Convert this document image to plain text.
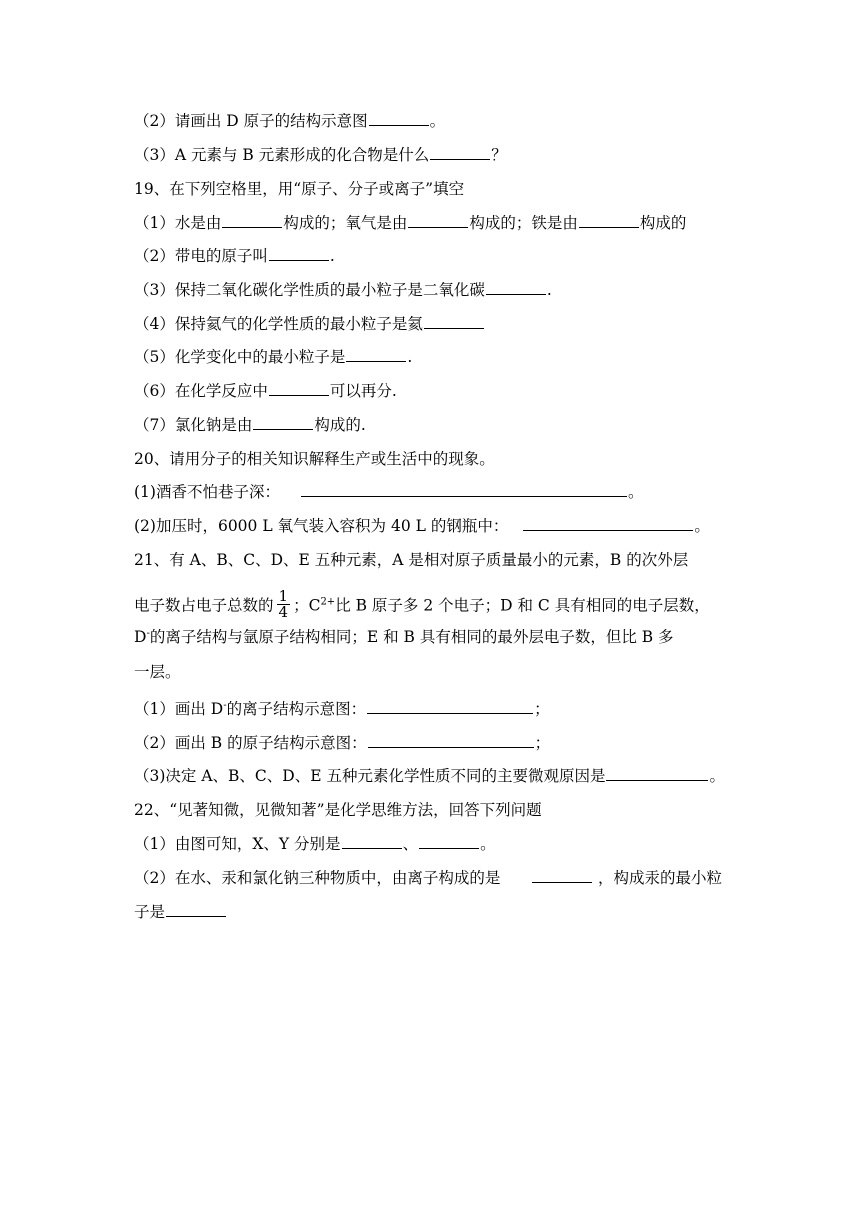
（2）请画出 D 原子的结构示意图	。
（3）A 元素与 B 元素形成的化合物是什么	？
19、在下列空格里，用“原子、分子或离子”填空
（1）水是由	构成的；氧气是由	构成的；铁是由	构成的
（2）带电的原子叫	.
（3）保持二氧化碳化学性质的最小粒子是二氧化碳	.
（4）保持氦气的化学性质的最小粒子是氦
（5）化学变化中的最小粒子是	.
（6）在化学反应中	可以再分.
（7）氯化钠是由	构成的.
20、请用分子的相关知识解释生产或生活中的现象。
(1)酒香不怕巷子深：	。
(2)加压时，6000 L 氧气装入容积为 40 L 的钢瓶中：	。
21、有 A、B、C、D、E 五种元素，A 是相对原子质量最小的元素，B 的次外层
电子数占电子总数的 $\frac{1}{4}$ ；$C^{2+}$比 B 原子多 2 个电子；D 和 C 具有相同的电子层数，
D-的离子结构与氩原子结构相同；E 和 B 具有相同的最外层电子数，但比 B 多
一层。
（1）画出 D-的离子结构示意图：	；
（2）画出 B 的原子结构示意图：	；
（3)决定 A、B、C、D、E 五种元素化学性质不同的主要微观原因是	。
22、“见著知微，见微知著”是化学思维方法，回答下列问题
（1）由图可知，X、Y 分别是	、	。
（2）在水、汞和氯化钠三种物质中，由离子构成的是	，构成汞的最小粒
子是
